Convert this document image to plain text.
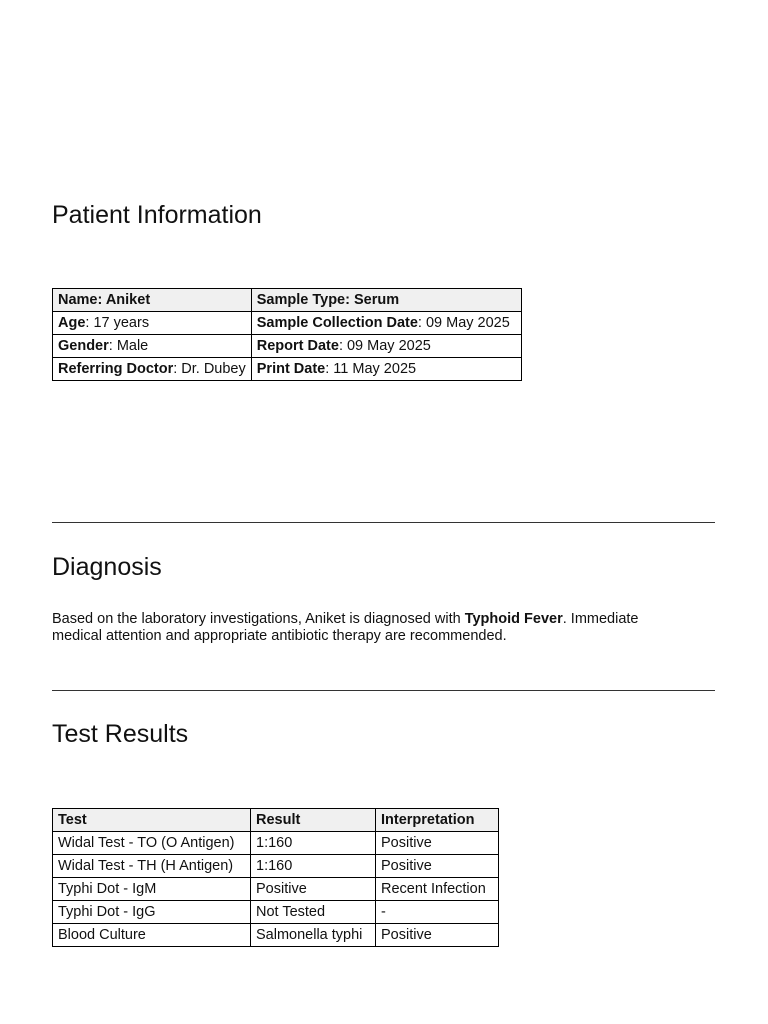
Patient Information
Name: Aniket	Sample Type: Serum
Age: 17 years	Sample Collection Date: 09 May 2025
Gender: Male	Report Date: 09 May 2025
Referring Doctor: Dr. Dubey	Print Date: 11 May 2025
Diagnosis

Based on the laboratory investigations, Aniket is diagnosed with Typhoid Fever. Immediate medical attention and appropriate antibiotic therapy are recommended.

Test Results
Test	Result	Interpretation
Widal Test - TO (O Antigen)	1:160	Positive
Widal Test - TH (H Antigen)	1:160	Positive
Typhi Dot - IgM	Positive	Recent Infection
Typhi Dot - IgG	Not Tested	-
Blood Culture	Salmonella typhi	Positive
